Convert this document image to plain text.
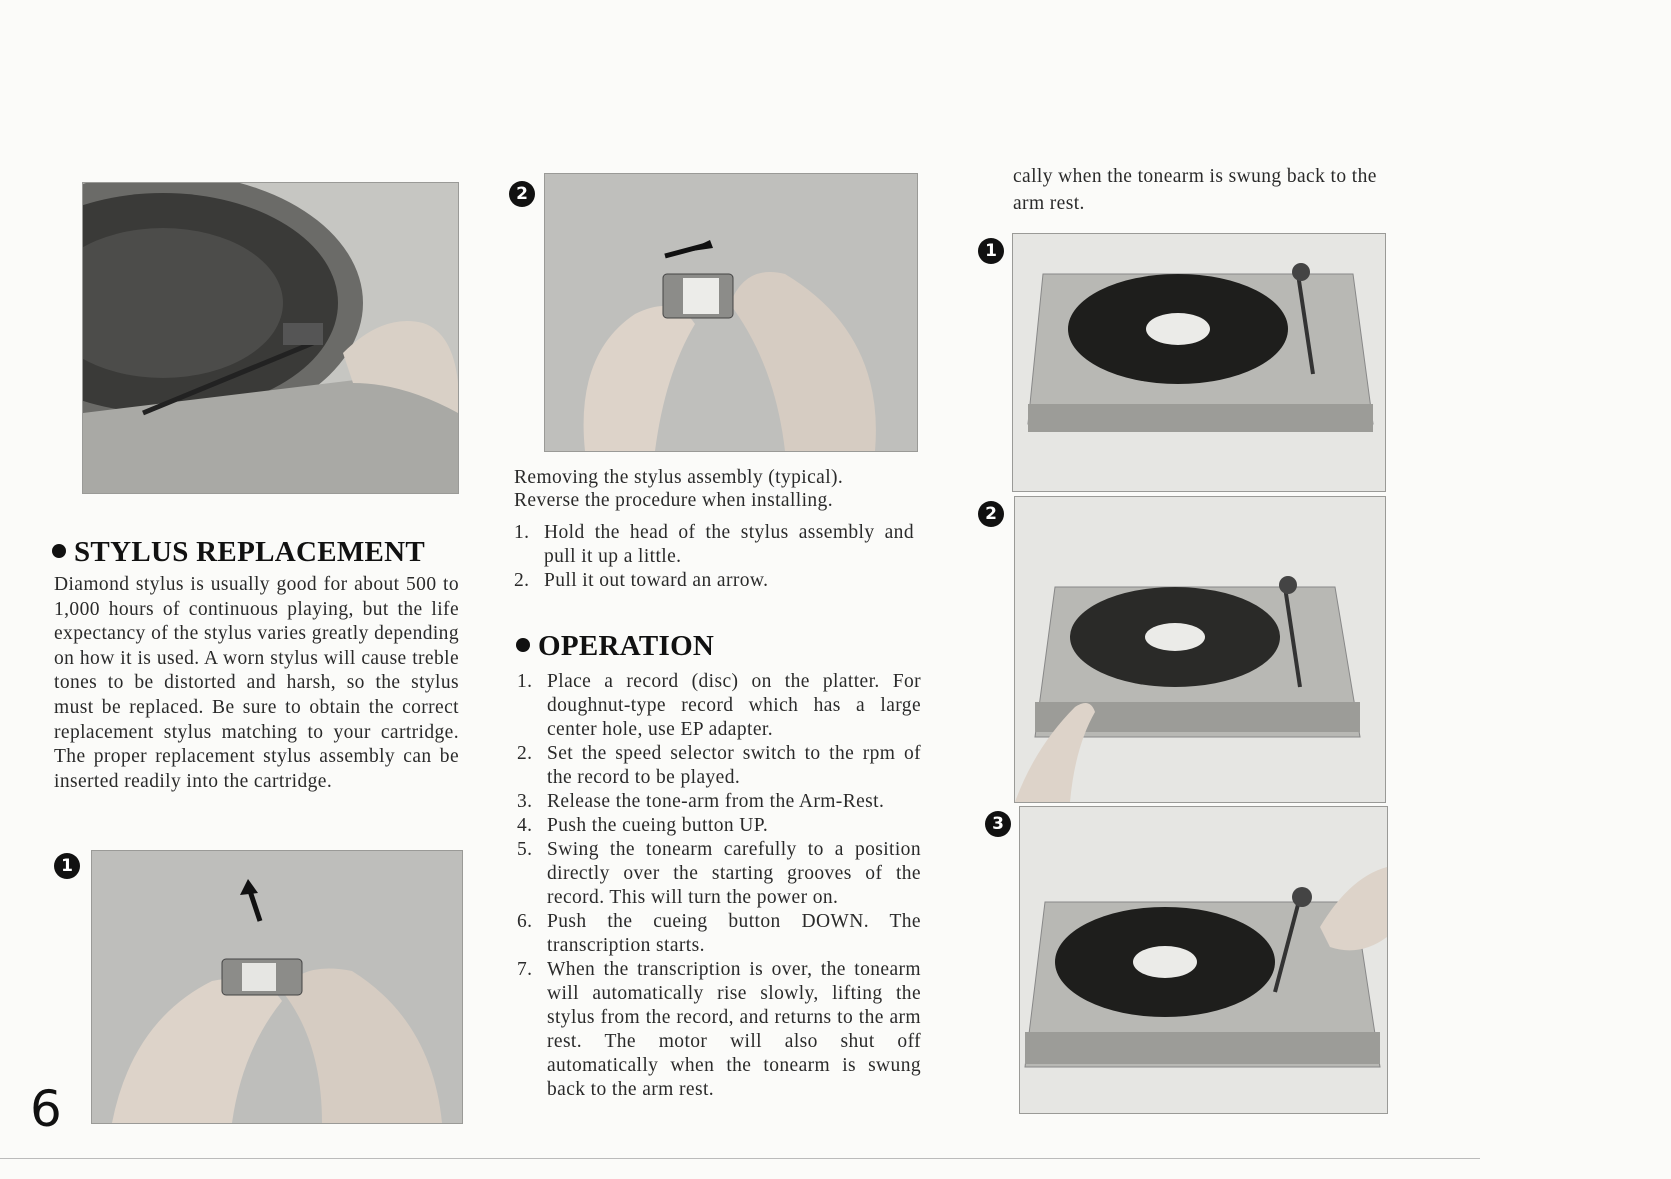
STYLUS REPLACEMENT
Diamond stylus is usually good for about 500 to 1,000 hours of continuous playing, but the life expectancy of the stylus varies greatly depending on how it is used. A worn stylus will cause treble tones to be distorted and harsh, so the stylus must be replaced. Be sure to obtain the correct replacement stylus matching to your cartridge. The proper replacement stylus assembly can be inserted readily into the cartridge.
1
6
2
Removing the stylus assembly (typical).
Reverse the procedure when installing.
1. Hold the head of the stylus assembly and pull it up a little.
2. Pull it out toward an arrow.
OPERATION
1. Place a record (disc) on the platter. For doughnut-type record which has a large center hole, use EP adapter.
2. Set the speed selector switch to the rpm of the record to be played.
3. Release the tone-arm from the Arm-Rest.
4. Push the cueing button UP.
5. Swing the tonearm carefully to a position directly over the starting grooves of the record. This will turn the power on.
6. Push the cueing button DOWN. The transcription starts.
7. When the transcription is over, the tonearm will automatically rise slowly, lifting the stylus from the record, and returns to the arm rest. The motor will also shut off automatically when the tonearm is swung back to the arm rest.
cally when the tonearm is swung back to the arm rest.
1
2
3
